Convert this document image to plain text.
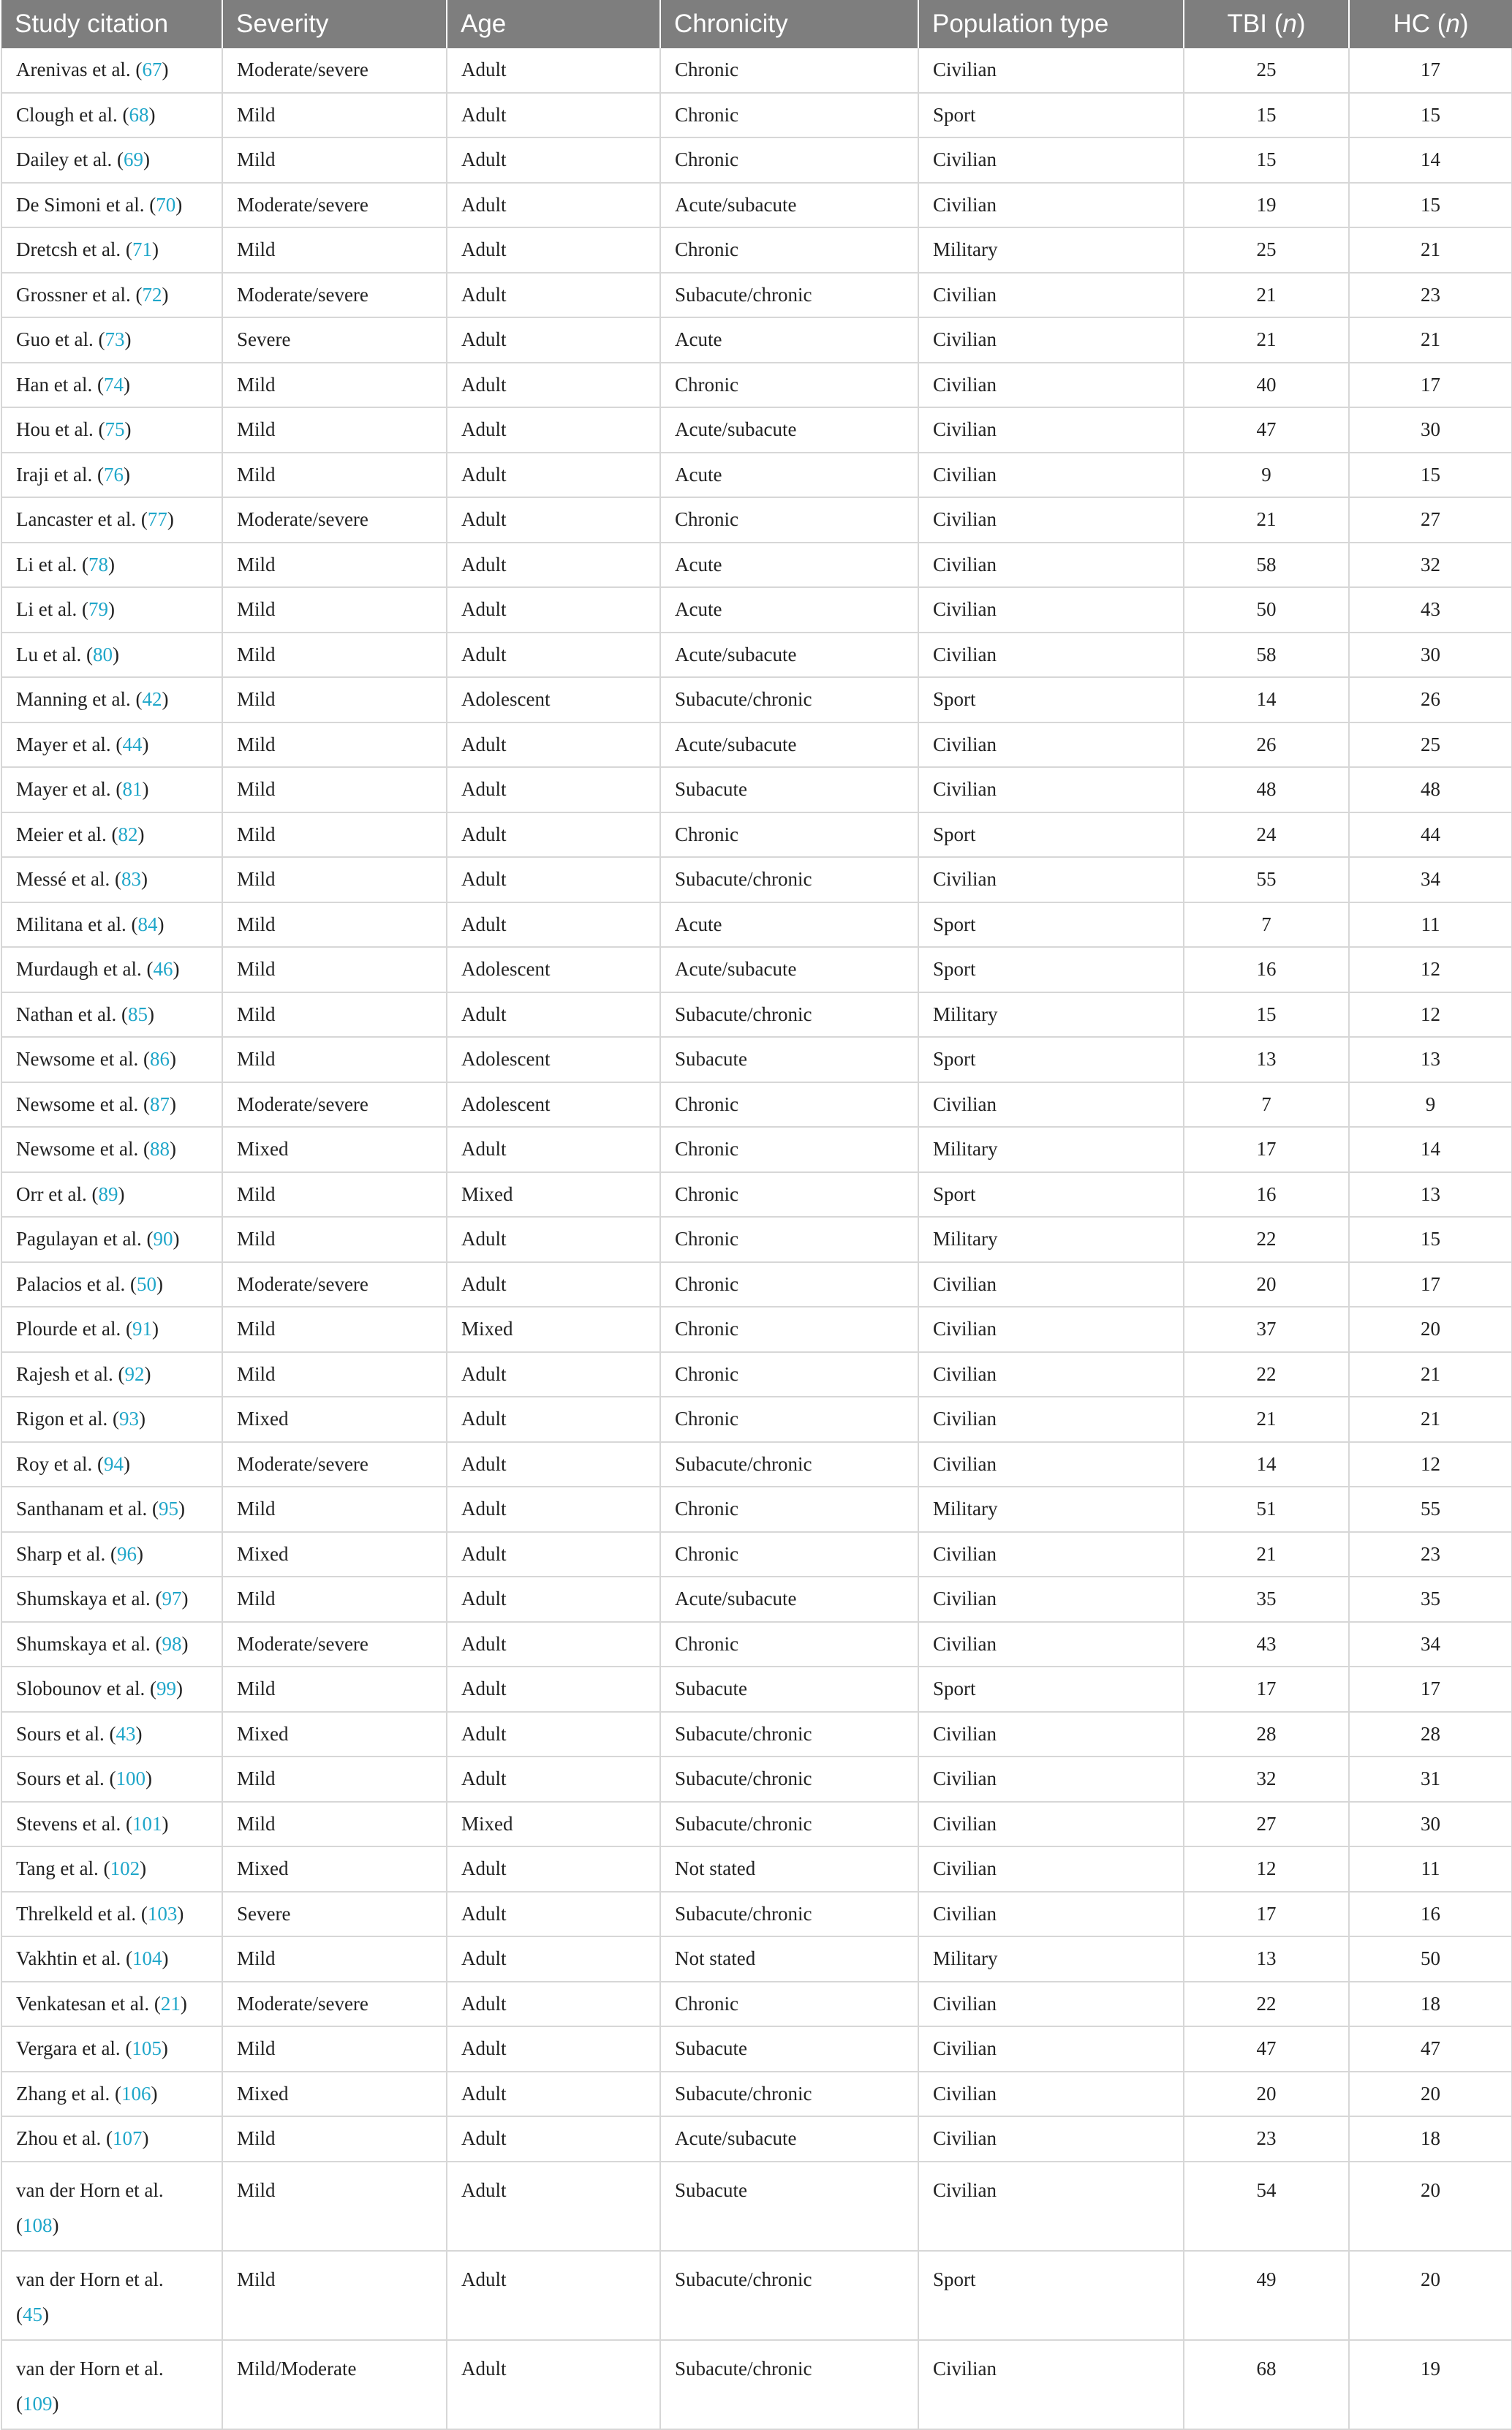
Study citation	Severity	Age	Chronicity	Population type	TBI (n)	HC (n)
Arenivas et al. (67)	Moderate/severe	Adult	Chronic	Civilian	25	17
Clough et al. (68)	Mild	Adult	Chronic	Sport	15	15
Dailey et al. (69)	Mild	Adult	Chronic	Civilian	15	14
De Simoni et al. (70)	Moderate/severe	Adult	Acute/subacute	Civilian	19	15
Dretcsh et al. (71)	Mild	Adult	Chronic	Military	25	21
Grossner et al. (72)	Moderate/severe	Adult	Subacute/chronic	Civilian	21	23
Guo et al. (73)	Severe	Adult	Acute	Civilian	21	21
Han et al. (74)	Mild	Adult	Chronic	Civilian	40	17
Hou et al. (75)	Mild	Adult	Acute/subacute	Civilian	47	30
Iraji et al. (76)	Mild	Adult	Acute	Civilian	9	15
Lancaster et al. (77)	Moderate/severe	Adult	Chronic	Civilian	21	27
Li et al. (78)	Mild	Adult	Acute	Civilian	58	32
Li et al. (79)	Mild	Adult	Acute	Civilian	50	43
Lu et al. (80)	Mild	Adult	Acute/subacute	Civilian	58	30
Manning et al. (42)	Mild	Adolescent	Subacute/chronic	Sport	14	26
Mayer et al. (44)	Mild	Adult	Acute/subacute	Civilian	26	25
Mayer et al. (81)	Mild	Adult	Subacute	Civilian	48	48
Meier et al. (82)	Mild	Adult	Chronic	Sport	24	44
Messé et al. (83)	Mild	Adult	Subacute/chronic	Civilian	55	34
Militana et al. (84)	Mild	Adult	Acute	Sport	7	11
Murdaugh et al. (46)	Mild	Adolescent	Acute/subacute	Sport	16	12
Nathan et al. (85)	Mild	Adult	Subacute/chronic	Military	15	12
Newsome et al. (86)	Mild	Adolescent	Subacute	Sport	13	13
Newsome et al. (87)	Moderate/severe	Adolescent	Chronic	Civilian	7	9
Newsome et al. (88)	Mixed	Adult	Chronic	Military	17	14
Orr et al. (89)	Mild	Mixed	Chronic	Sport	16	13
Pagulayan et al. (90)	Mild	Adult	Chronic	Military	22	15
Palacios et al. (50)	Moderate/severe	Adult	Chronic	Civilian	20	17
Plourde et al. (91)	Mild	Mixed	Chronic	Civilian	37	20
Rajesh et al. (92)	Mild	Adult	Chronic	Civilian	22	21
Rigon et al. (93)	Mixed	Adult	Chronic	Civilian	21	21
Roy et al. (94)	Moderate/severe	Adult	Subacute/chronic	Civilian	14	12
Santhanam et al. (95)	Mild	Adult	Chronic	Military	51	55
Sharp et al. (96)	Mixed	Adult	Chronic	Civilian	21	23
Shumskaya et al. (97)	Mild	Adult	Acute/subacute	Civilian	35	35
Shumskaya et al. (98)	Moderate/severe	Adult	Chronic	Civilian	43	34
Slobounov et al. (99)	Mild	Adult	Subacute	Sport	17	17
Sours et al. (43)	Mixed	Adult	Subacute/chronic	Civilian	28	28
Sours et al. (100)	Mild	Adult	Subacute/chronic	Civilian	32	31
Stevens et al. (101)	Mild	Mixed	Subacute/chronic	Civilian	27	30
Tang et al. (102)	Mixed	Adult	Not stated	Civilian	12	11
Threlkeld et al. (103)	Severe	Adult	Subacute/chronic	Civilian	17	16
Vakhtin et al. (104)	Mild	Adult	Not stated	Military	13	50
Venkatesan et al. (21)	Moderate/severe	Adult	Chronic	Civilian	22	18
Vergara et al. (105)	Mild	Adult	Subacute	Civilian	47	47
Zhang et al. (106)	Mixed	Adult	Subacute/chronic	Civilian	20	20
Zhou et al. (107)	Mild	Adult	Acute/subacute	Civilian	23	18
van der Horn et al. (108)	Mild	Adult	Subacute	Civilian	54	20
van der Horn et al. (45)	Mild	Adult	Subacute/chronic	Sport	49	20
van der Horn et al. (109)	Mild/Moderate	Adult	Subacute/chronic	Civilian	68	19
